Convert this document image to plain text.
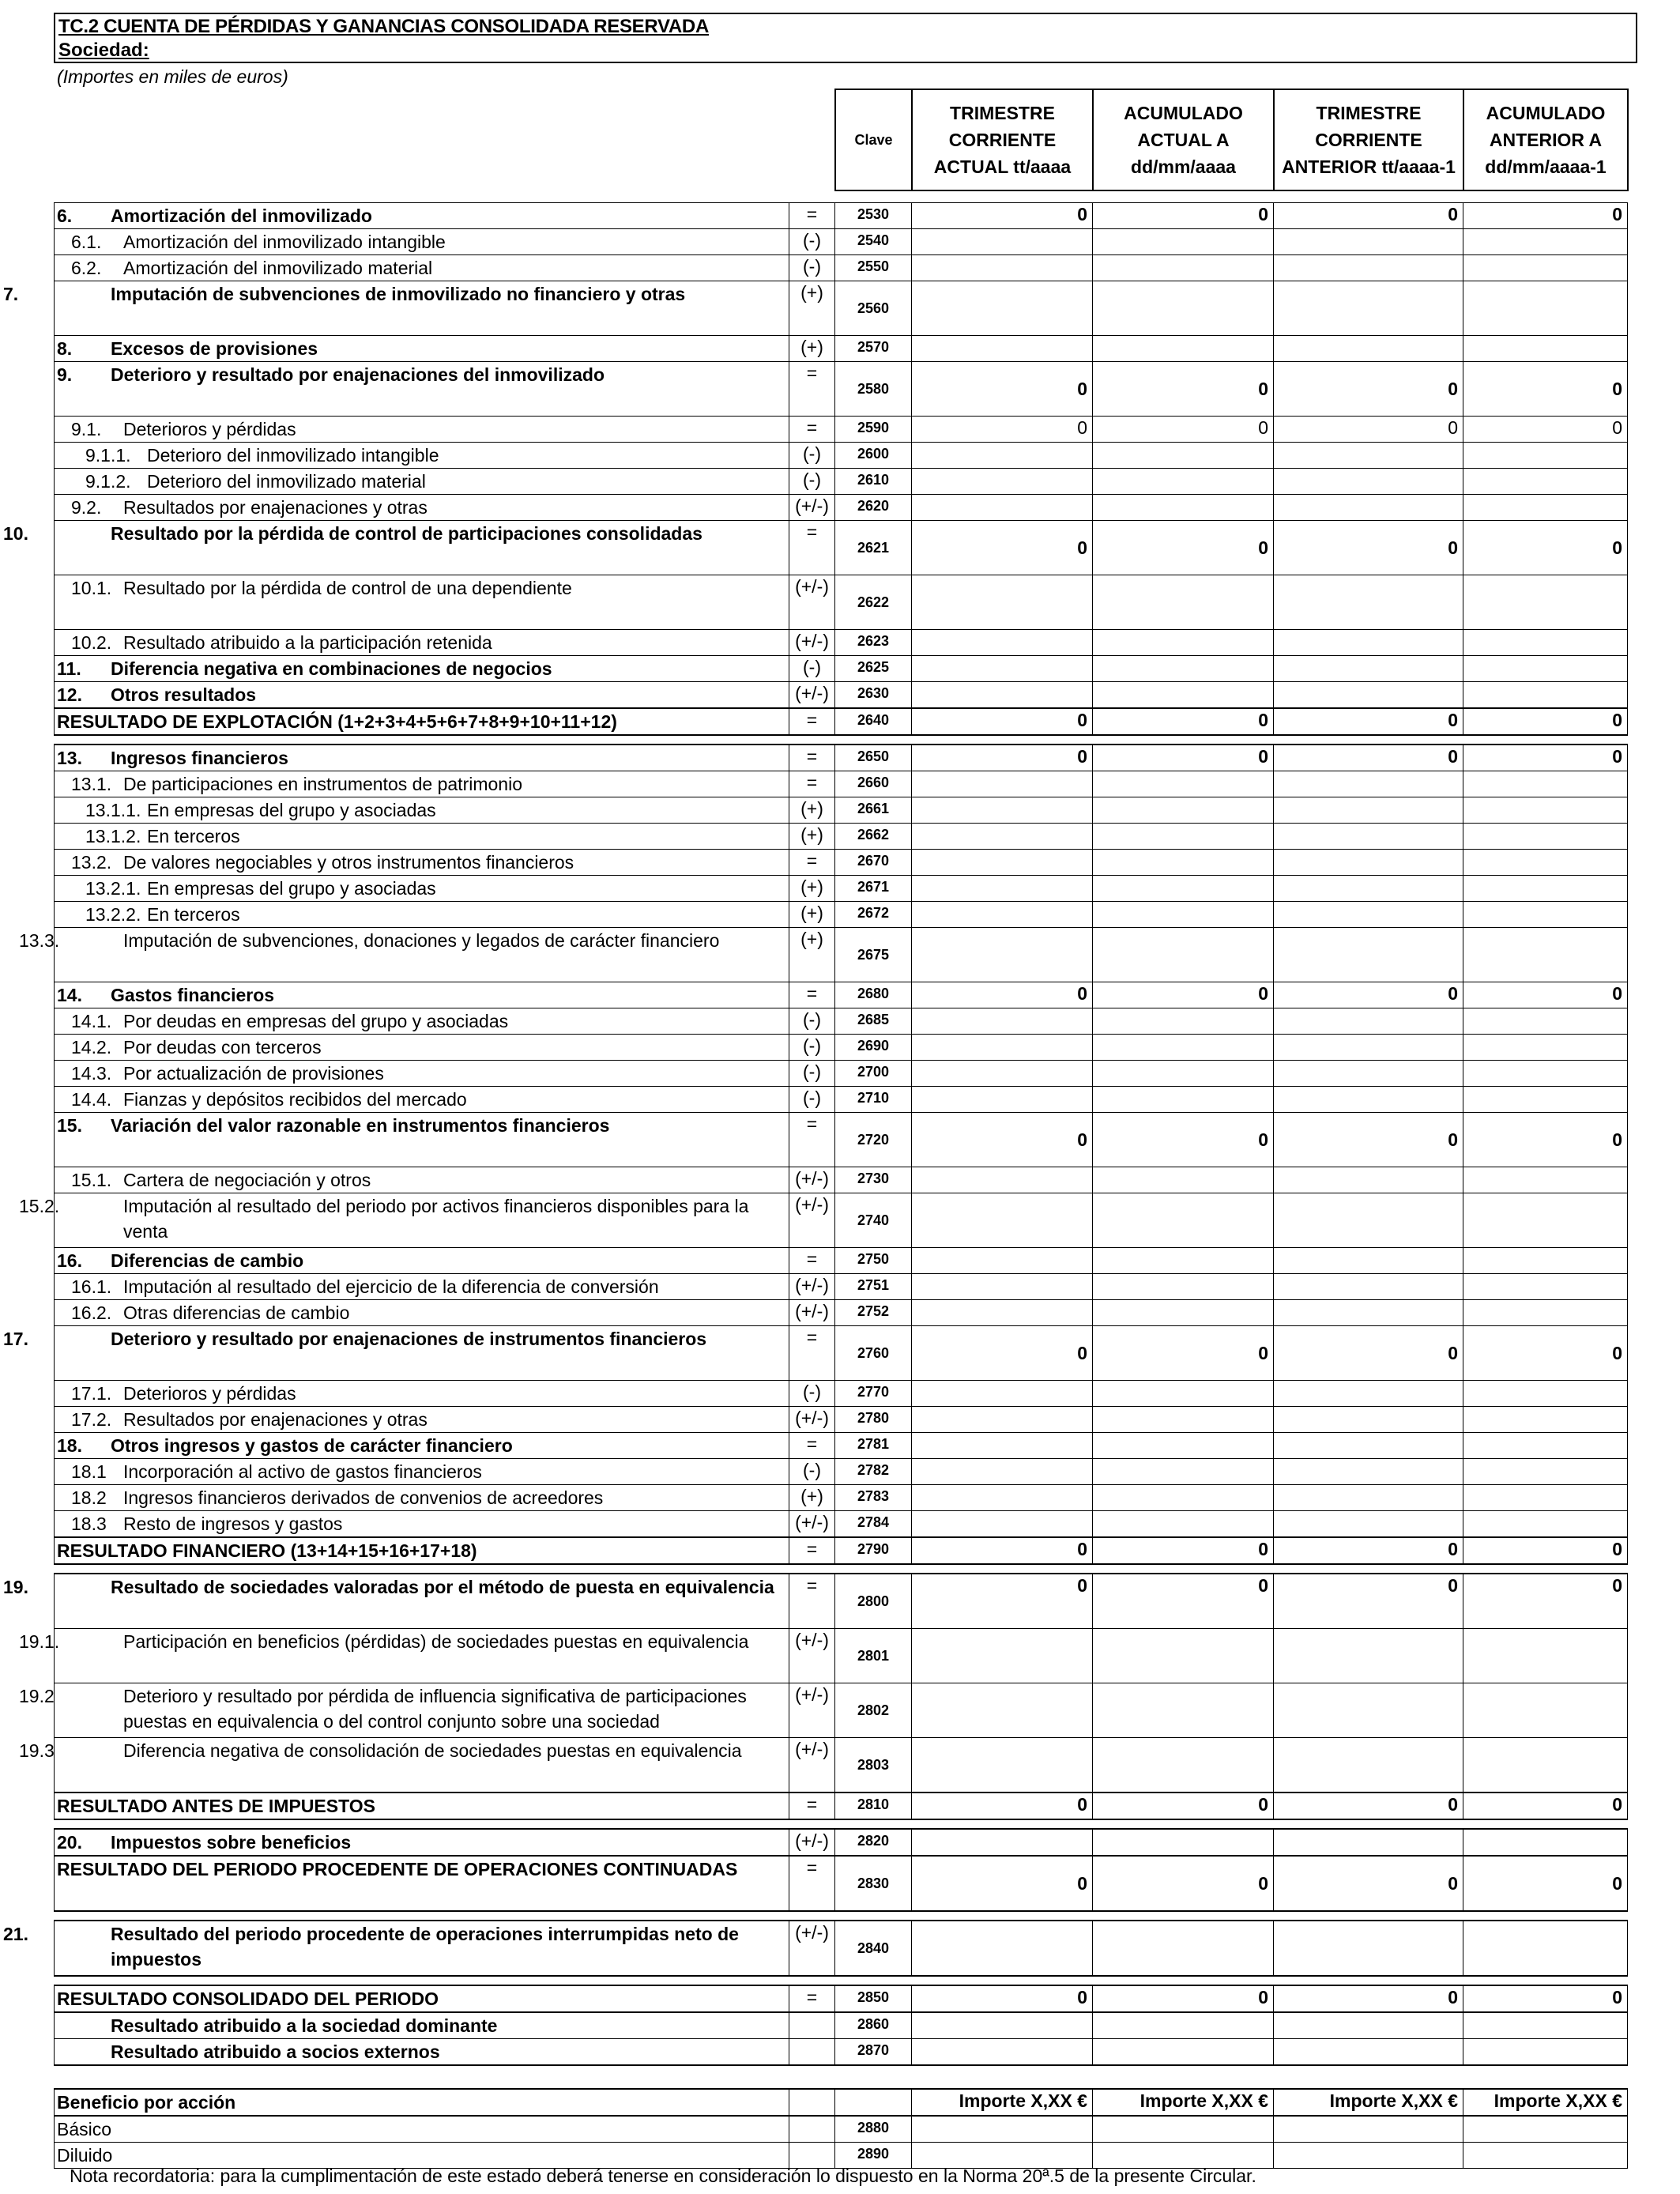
TC.2 CUENTA DE PÉRDIDAS Y GANANCIAS CONSOLIDADA RESERVADA
Sociedad:
(Importes en miles de euros)
Clave	
TRIMESTRE
CORRIENTE
ACTUAL tt/aaaa

ACUMULADO
ACTUAL A
dd/mm/aaaa

TRIMESTRE
CORRIENTE
ANTERIOR tt/aaaa-1

ACUMULADO
ANTERIOR A
dd/mm/aaaa-1
6. Amortización del inmovilizado	=	2530	0	0	0	0
6.1. Amortización del inmovilizado intangible	(-)	2540				
6.2. Amortización del inmovilizado material	(-)	2550				
7. Imputación de subvenciones de inmovilizado no financiero y otras	(+)	2560				
8. Excesos de provisiones	(+)	2570				
9. Deterioro y resultado por enajenaciones del inmovilizado	=	2580	0	0	0	0
9.1. Deterioros y pérdidas	=	2590	0	0	0	0
9.1.1. Deterioro del inmovilizado intangible	(-)	2600				
9.1.2. Deterioro del inmovilizado material	(-)	2610				
9.2. Resultados por enajenaciones y otras	(+/-)	2620				
10. Resultado por la pérdida de control de participaciones consolidadas	=	2621	0	0	0	0
10.1. Resultado por la pérdida de control de una dependiente	(+/-)	2622				
10.2. Resultado atribuido a la participación retenida	(+/-)	2623				
11. Diferencia negativa en combinaciones de negocios	(-)	2625				
12. Otros resultados	(+/-)	2630				
RESULTADO DE EXPLOTACIÓN (1+2+3+4+5+6+7+8+9+10+11+12)	=	2640	0	0	0	0

13. Ingresos financieros	=	2650	0	0	0	0
13.1. De participaciones en instrumentos de patrimonio	=	2660				
13.1.1. En empresas del grupo y asociadas	(+)	2661				
13.1.2. En terceros	(+)	2662				
13.2. De valores negociables y otros instrumentos financieros	=	2670				
13.2.1. En empresas del grupo y asociadas	(+)	2671				
13.2.2. En terceros	(+)	2672				
13.3. Imputación de subvenciones, donaciones y legados de carácter financiero	(+)	2675				
14. Gastos financieros	=	2680	0	0	0	0
14.1. Por deudas en empresas del grupo y asociadas	(-)	2685				
14.2. Por deudas con terceros	(-)	2690				
14.3. Por actualización de provisiones	(-)	2700				
14.4. Fianzas y depósitos recibidos del mercado	(-)	2710				
15. Variación del valor razonable en instrumentos financieros	=	2720	0	0	0	0
15.1. Cartera de negociación y otros	(+/-)	2730				
15.2. Imputación al resultado del periodo por activos financieros disponibles para la venta	(+/-)	2740				
16. Diferencias de cambio	=	2750				
16.1. Imputación al resultado del ejercicio de la diferencia de conversión	(+/-)	2751				
16.2. Otras diferencias de cambio	(+/-)	2752				
17. Deterioro y resultado por enajenaciones de instrumentos financieros	=	2760	0	0	0	0
17.1. Deterioros y pérdidas	(-)	2770				
17.2. Resultados por enajenaciones y otras	(+/-)	2780				
18. Otros ingresos y gastos de carácter financiero	=	2781				
18.1 Incorporación al activo de gastos financieros	(-)	2782				
18.2 Ingresos financieros derivados de convenios de acreedores	(+)	2783				
18.3 Resto de ingresos y gastos	(+/-)	2784				
RESULTADO FINANCIERO (13+14+15+16+17+18)	=	2790	0	0	0	0

19. Resultado de sociedades valoradas por el método de puesta en equivalencia	=	2800	0	0	0	0
19.1. Participación en beneficios (pérdidas) de sociedades puestas en equivalencia	(+/-)	2801				
19.2 Deterioro y resultado por pérdida de influencia significativa de participaciones puestas en equivalencia o del control conjunto sobre una sociedad	(+/-)	2802				
19.3 Diferencia negativa de consolidación de sociedades puestas en equivalencia	(+/-)	2803				
RESULTADO ANTES DE IMPUESTOS	=	2810	0	0	0	0

20. Impuestos sobre beneficios	(+/-)	2820				
RESULTADO DEL PERIODO PROCEDENTE DE OPERACIONES CONTINUADAS	=	2830	0	0	0	0

21. Resultado del periodo procedente de operaciones interrumpidas neto de impuestos	(+/-)	2840				

RESULTADO CONSOLIDADO DEL PERIODO	=	2850	0	0	0	0
Resultado atribuido a la sociedad dominante		2860				
Resultado atribuido a socios externos		2870				

Beneficio por acción			Importe X,XX €	Importe X,XX €	Importe X,XX €	Importe X,XX €
Básico		2880				
Diluido		2890				
Nota recordatoria: para la cumplimentación de este estado deberá tenerse en consideración lo dispuesto en la Norma 20ª.5 de la presente Circular.
